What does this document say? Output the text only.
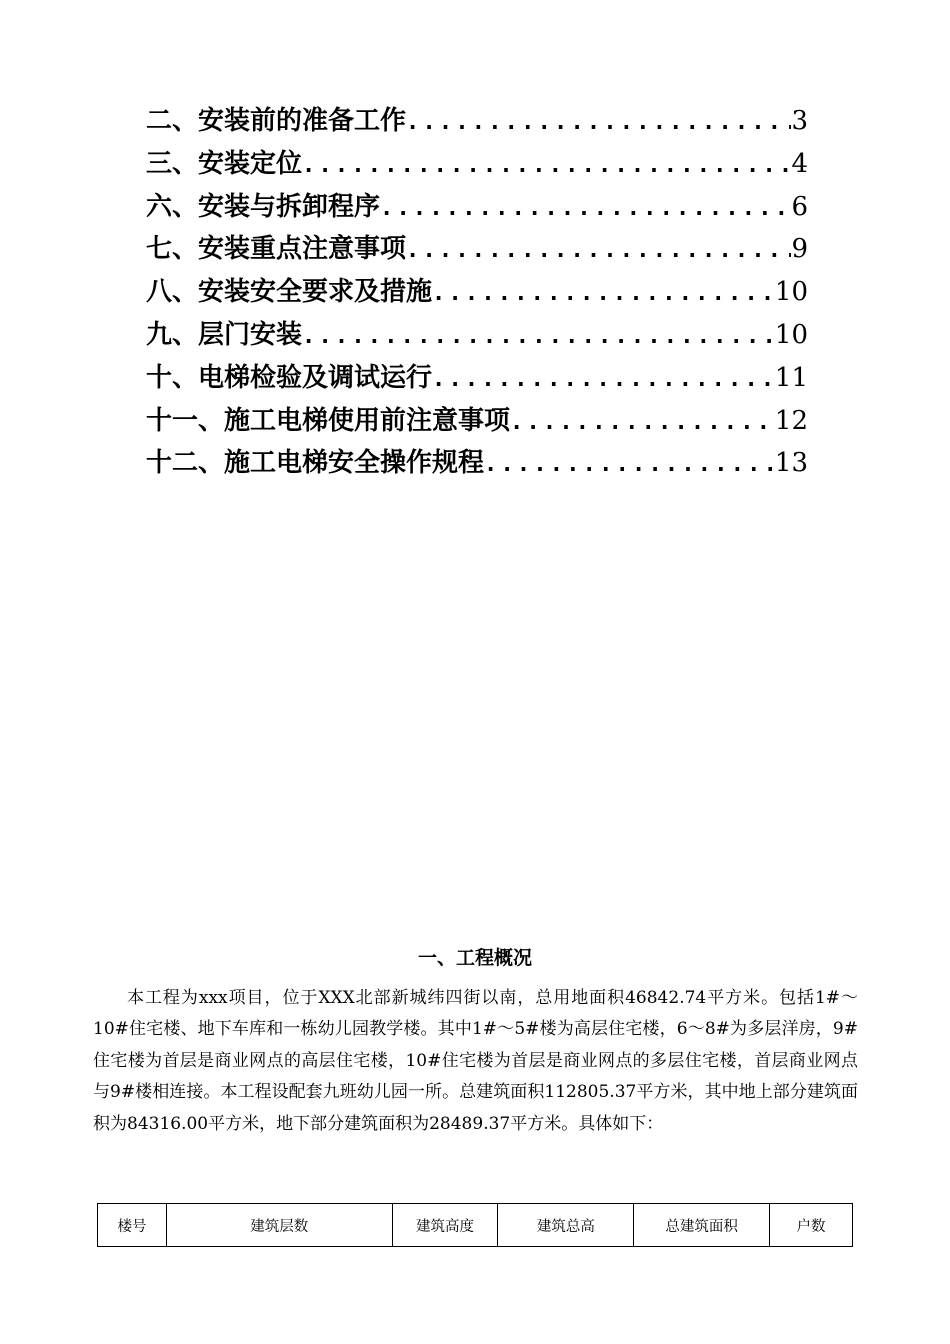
二、安装前的准备工作 .....	3
三、安装定位 .....	4
六、安装与拆卸程序 .....	6
七、安装重点注意事项 .....	9
八、安装安全要求及措施 .....	10
九、层门安装 .....	10
十、电梯检验及调试运行 .....	11
十一、施工电梯使用前注意事项 .....	12
十二、施工电梯安全操作规程 .....	13
一、工程概况

本工程为xxx项目，位于XXX北部新城纬四街以南，总用地面积46842.74平方米。包括1#～10#住宅楼、地下车库和一栋幼儿园教学楼。其中1#～5#楼为高层住宅楼，6～8#为多层洋房，9#住宅楼为首层是商业网点的高层住宅楼，10#住宅楼为首层是商业网点的多层住宅楼，首层商业网点与9#楼相连接。本工程设配套九班幼儿园一所。总建筑面积112805.37平方米，其中地上部分建筑面积为84316.00平方米，地下部分建筑面积为28489.37平方米。具体如下：

楼号	建筑层数	建筑高度	建筑总高	总建筑面积	户数
